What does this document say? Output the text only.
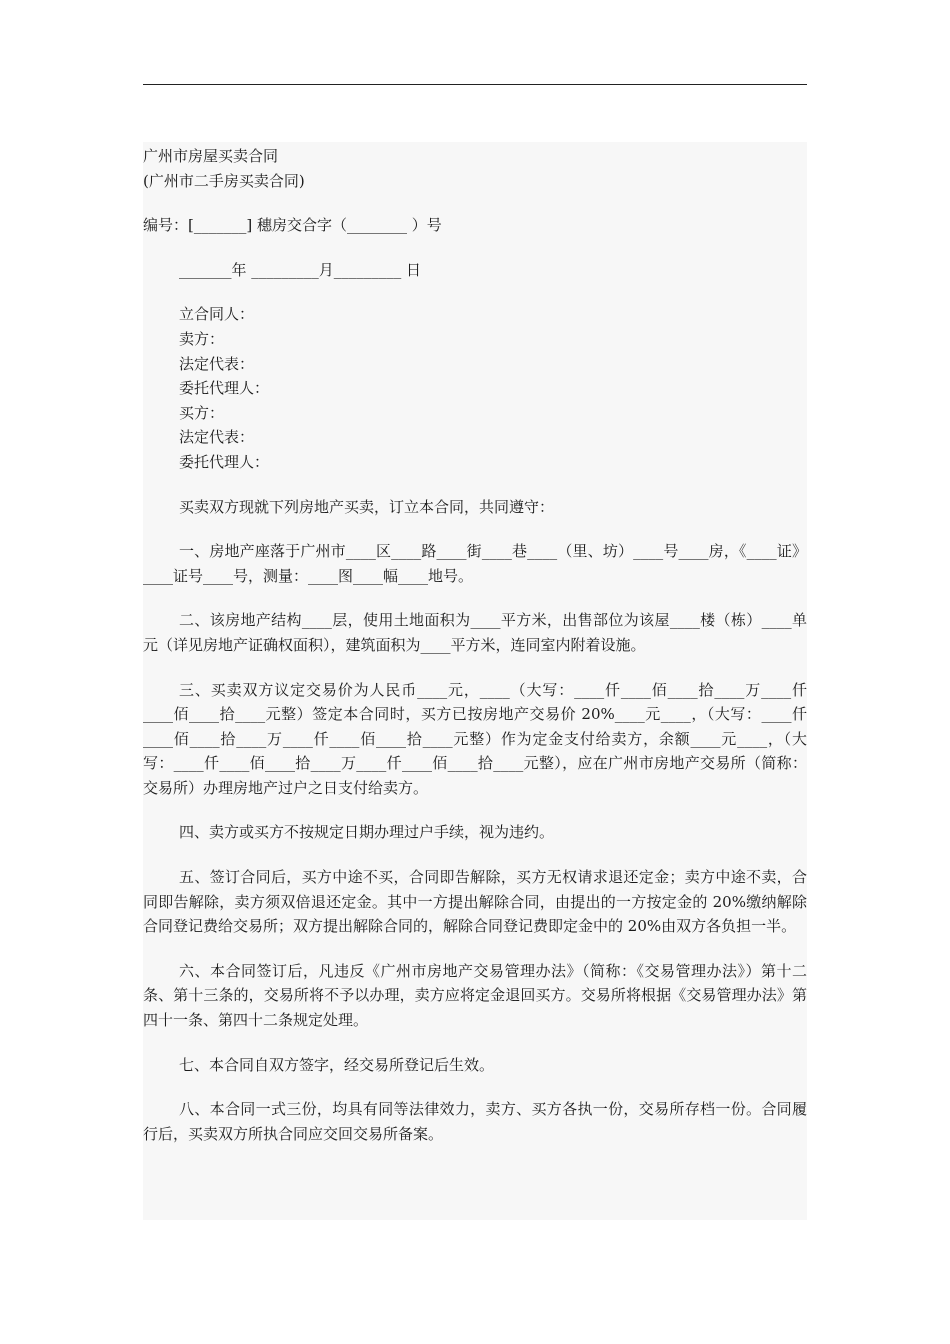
广州市房屋买卖合同

(广州市二手房买卖合同)

编号：[_______] 穗房交合字（________ ）号

_______年 _________月_________ 日

立合同人：

卖方：

法定代表：

委托代理人：

买方：

法定代表：

委托代理人：

买卖双方现就下列房地产买卖，订立本合同，共同遵守：

一、房地产座落于广州市____区____路____街____巷____（里、坊）____号____房，《____证》____证号____号，测量：____图____幅____地号。

二、该房地产结构____层，使用土地面积为____平方米，出售部位为该屋____楼（栋）____单元（详见房地产证确权面积），建筑面积为____平方米，连同室内附着设施。

三、买卖双方议定交易价为人民币____元，____（大写：____仟____佰____拾____万____仟____佰____拾____元整）签定本合同时，买方已按房地产交易价 20%____元____，（大写：____仟____佰____拾____万____仟____佰____拾____元整）作为定金支付给卖方，余额____元____，（大写：____仟____佰____拾____万____仟____佰____拾____元整），应在广州市房地产交易所（简称：交易所）办理房地产过户之日支付给卖方。

四、卖方或买方不按规定日期办理过户手续，视为违约。

五、签订合同后，买方中途不买，合同即告解除，买方无权请求退还定金；卖方中途不卖，合同即告解除，卖方须双倍退还定金。其中一方提出解除合同，由提出的一方按定金的 20%缴纳解除合同登记费给交易所；双方提出解除合同的，解除合同登记费即定金中的 20%由双方各负担一半。

六、本合同签订后，凡违反《广州市房地产交易管理办法》（简称：《交易管理办法》）第十二条、第十三条的，交易所将不予以办理，卖方应将定金退回买方。交易所将根据《交易管理办法》第四十一条、第四十二条规定处理。

七、本合同自双方签字，经交易所登记后生效。

八、本合同一式三份，均具有同等法律效力，卖方、买方各执一份，交易所存档一份。合同履行后，买卖双方所执合同应交回交易所备案。
